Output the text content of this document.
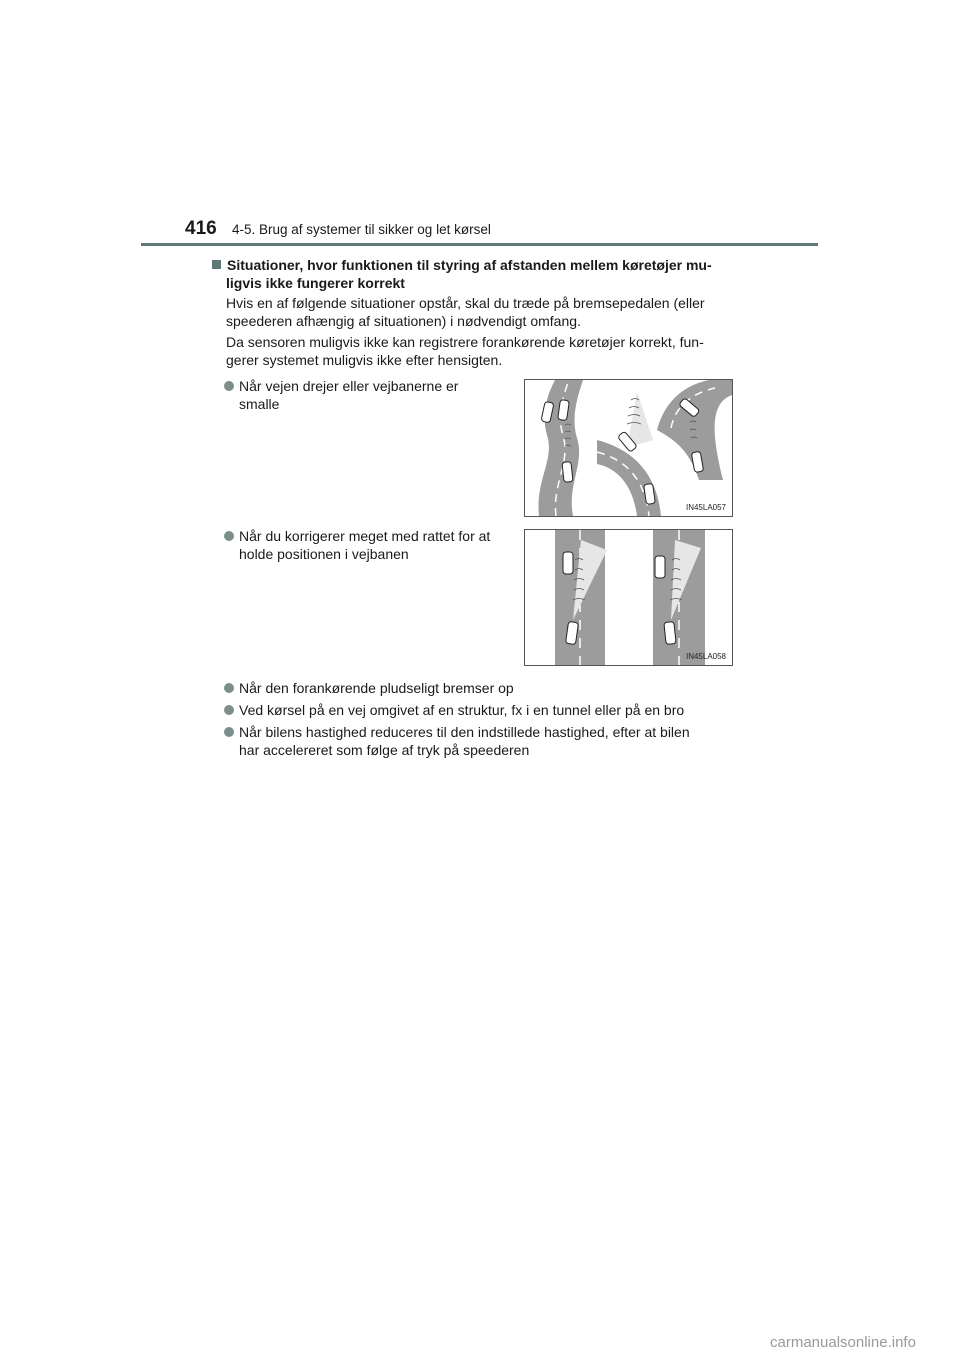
416 4-5. Brug af systemer til sikker og let kørsel
Situationer, hvor funktionen til styring af afstanden mellem køretøjer mu-
ligvis ikke fungerer korrekt
Hvis en af følgende situationer opstår, skal du træde på bremsepedalen (eller
speederen afhængig af situationen) i nødvendigt omfang.
Da sensoren muligvis ikke kan registrere forankørende køretøjer korrekt, fun-
gerer systemet muligvis ikke efter hensigten.
Når vejen drejer eller vejbanerne er
smalle
Når du korrigerer meget med rattet for at
holde positionen i vejbanen
Når den forankørende pludseligt bremser op
Ved kørsel på en vej omgivet af en struktur, fx i en tunnel eller på en bro
Når bilens hastighed reduceres til den indstillede hastighed, efter at bilen
har accelereret som følge af tryk på speederen
IN45LA057
IN45LA058
carmanualsonline.info
